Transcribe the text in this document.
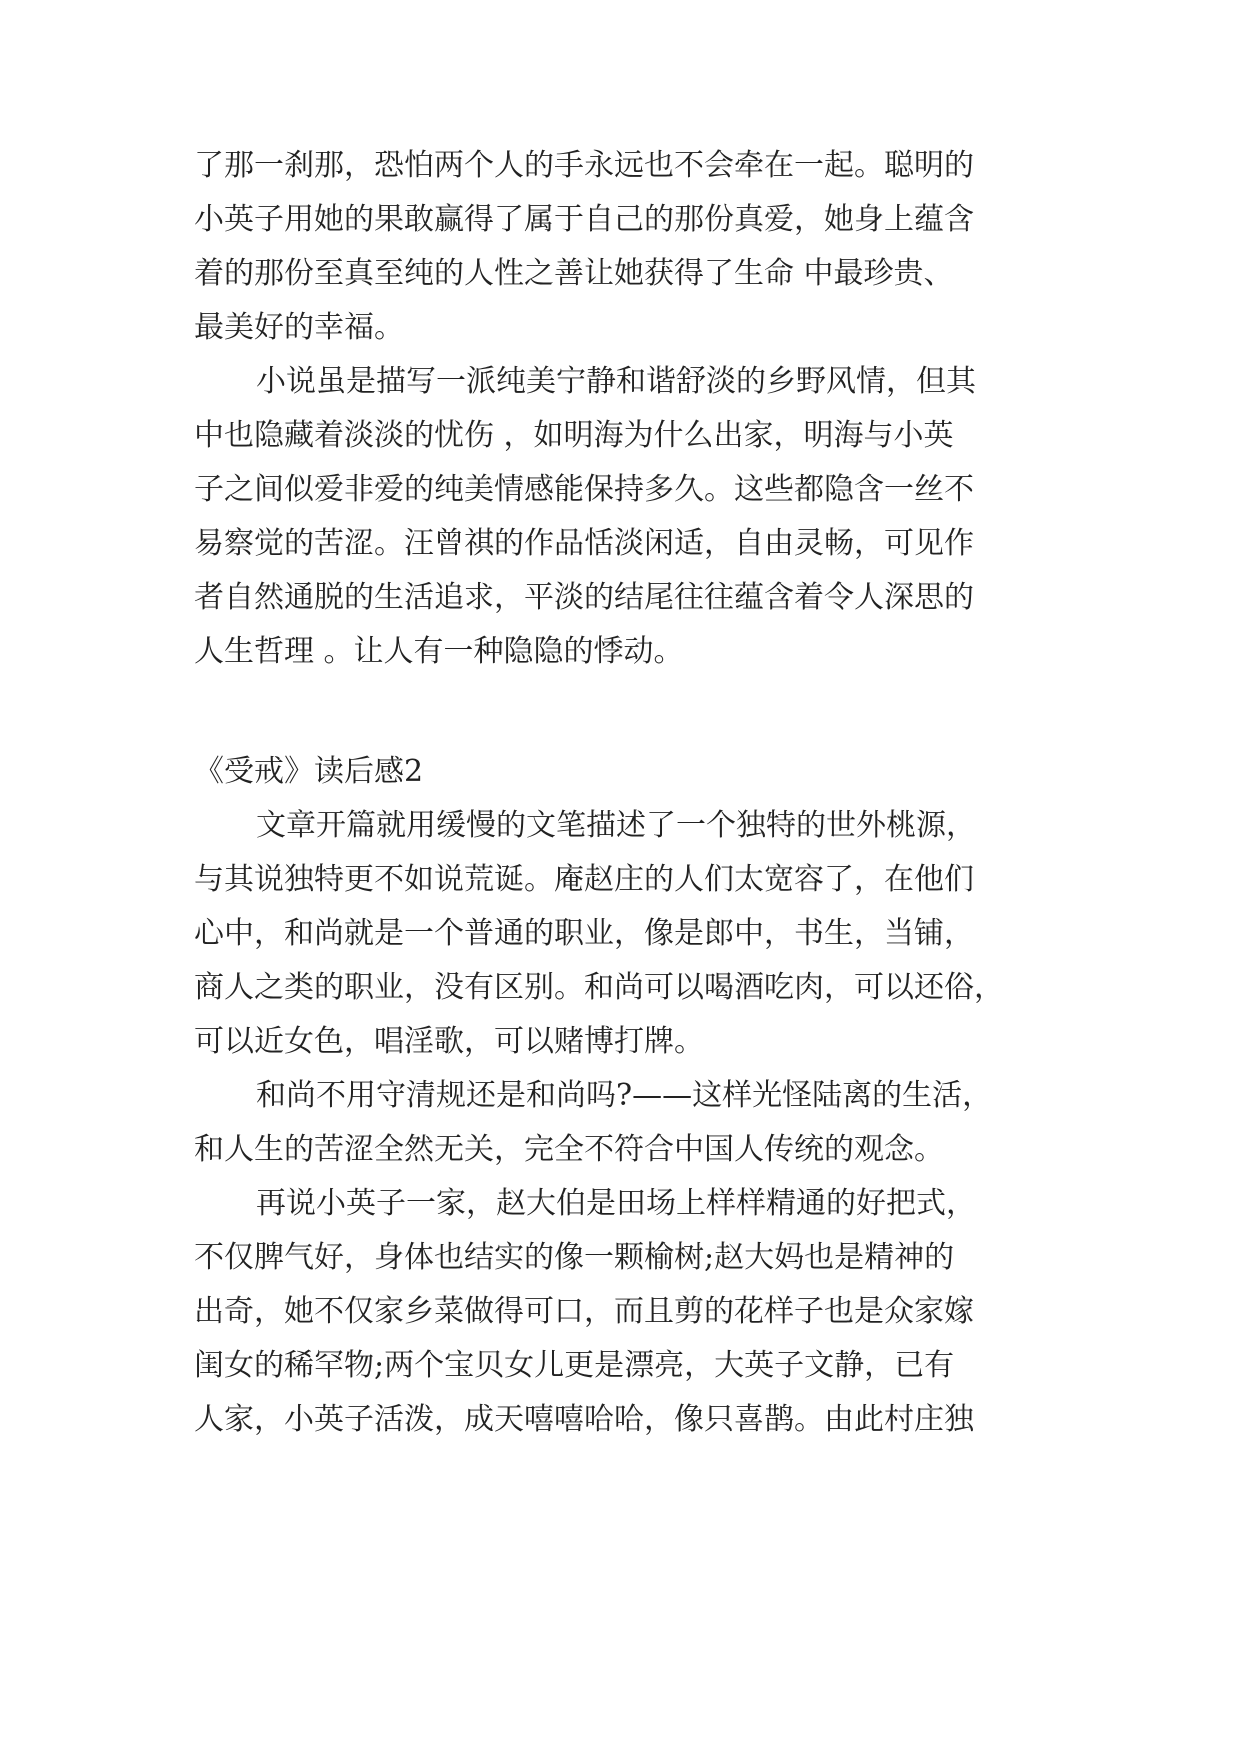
了那一刹那，恐怕两个人的手永远也不会牵在一起。聪明的
小英子用她的果敢赢得了属于自己的那份真爱，她身上蕴含
着的那份至真至纯的人性之善让她获得了生命 中最珍贵、
最美好的幸福。
小说虽是描写一派纯美宁静和谐舒淡的乡野风情，但其
中也隐藏着淡淡的忧伤 ，如明海为什么出家，明海与小英
子之间似爱非爱的纯美情感能保持多久。这些都隐含一丝不
易察觉的苦涩。汪曾祺的作品恬淡闲适，自由灵畅，可见作
者自然通脱的生活追求，平淡的结尾往往蕴含着令人深思的
人生哲理 。让人有一种隐隐的悸动。
《受戒》读后感2
文章开篇就用缓慢的文笔描述了一个独特的世外桃源，
与其说独特更不如说荒诞。庵赵庄的人们太宽容了，在他们
心中，和尚就是一个普通的职业，像是郎中，书生，当铺，
商人之类的职业，没有区别。和尚可以喝酒吃肉，可以还俗，
可以近女色，唱淫歌，可以赌博打牌。
和尚不用守清规还是和尚吗?——这样光怪陆离的生活，
和人生的苦涩全然无关，完全不符合中国人传统的观念。
再说小英子一家，赵大伯是田场上样样精通的好把式，
不仅脾气好，身体也结实的像一颗榆树;赵大妈也是精神的
出奇，她不仅家乡菜做得可口，而且剪的花样子也是众家嫁
闺女的稀罕物;两个宝贝女儿更是漂亮，大英子文静，已有
人家，小英子活泼，成天嘻嘻哈哈，像只喜鹊。由此村庄独
